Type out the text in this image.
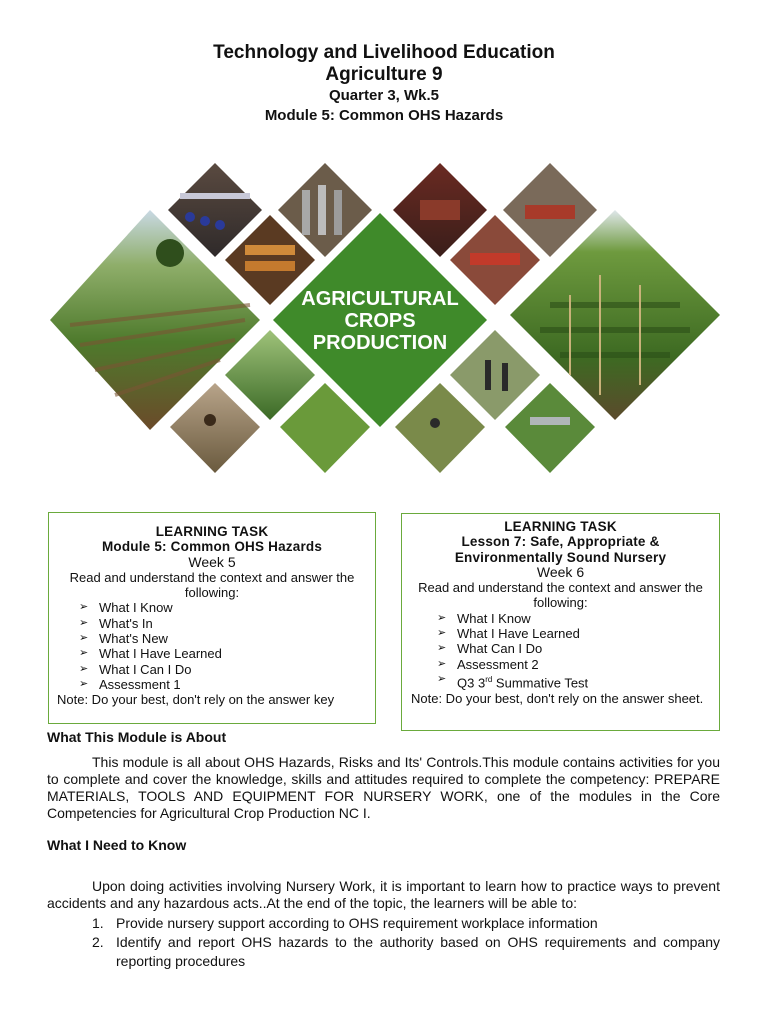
Technology and Livelihood Education
Agriculture 9
Quarter 3, Wk.5
Module 5: Common OHS Hazards
AGRICULTURAL
CROPS
PRODUCTION
LEARNING TASK
Module 5: Common OHS Hazards
Week 5
Read and understand the context and answer the following:
➢ What I Know
➢ What's In
➢ What's New
➢ What I Have Learned
➢ What I Can I Do
➢ Assessment 1
Note: Do your best, don't rely on the answer key
LEARNING TASK
Lesson 7: Safe, Appropriate &
Environmentally Sound Nursery
Week 6
Read and understand the context and answer the following:
➢ What I Know
➢ What I Have Learned
➢ What Can I Do
➢ Assessment 2
➢ Q3 3rd Summative Test
Note: Do your best, don't rely on the answer sheet.
What This Module is About
This module is all about OHS Hazards, Risks and Its' Controls.This module contains activities for you to complete and cover the knowledge, skills and attitudes required to complete the competency: PREPARE MATERIALS, TOOLS AND EQUIPMENT FOR NURSERY WORK, one of the modules in the Core Competencies for Agricultural Crop Production NC I.
What I Need to Know
Upon doing activities involving Nursery Work, it is important to learn how to practice ways to prevent accidents and any hazardous acts..At the end of the topic, the learners will be able to:
1. Provide nursery support according to OHS requirement workplace information
2. Identify and report OHS hazards to the authority based on OHS requirements and company reporting procedures
